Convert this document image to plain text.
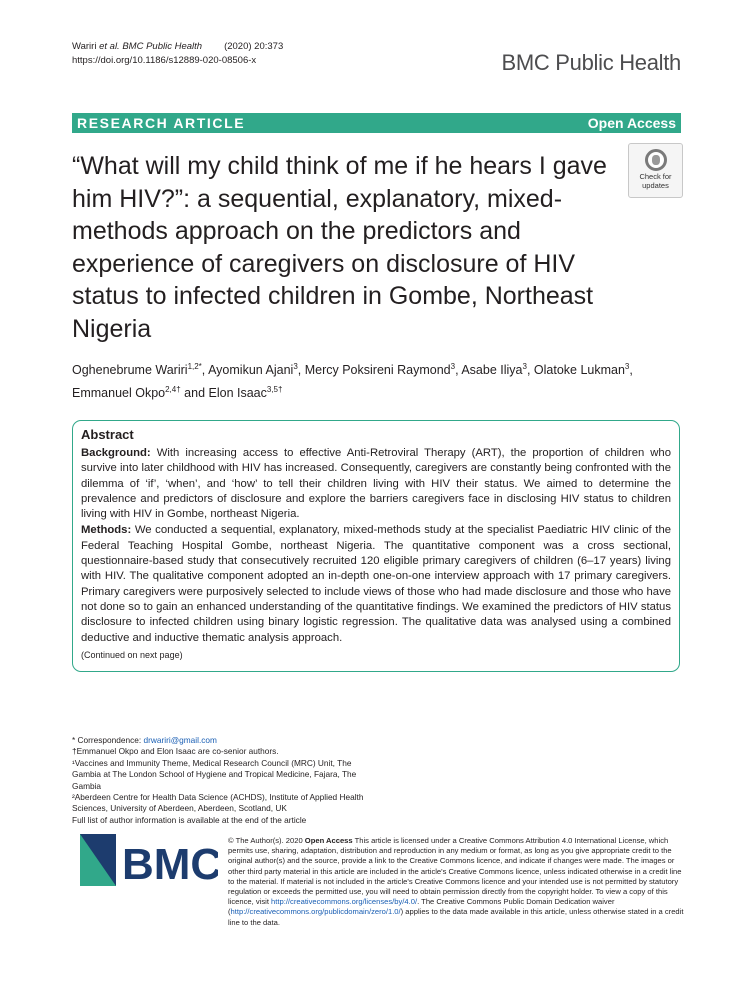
Wariri et al. BMC Public Health (2020) 20:373
https://doi.org/10.1186/s12889-020-08506-x	BMC Public Health
RESEARCH ARTICLE	Open Access
“What will my child think of me if he hears I gave him HIV?”: a sequential, explanatory, mixed-methods approach on the predictors and experience of caregivers on disclosure of HIV status to infected children in Gombe, Northeast Nigeria
Check for
updates
Oghenebrume Wariri$^{1,2*}$, Ayomikun Ajani$^3$, Mercy Poksireni Raymond$^3$, Asabe Iliya$^3$, Olatoke Lukman$^3$,
Emmanuel Okpo$^{2,4\dagger}$ and Elon Isaac$^{3,5\dagger}$
Abstract

Background: With increasing access to effective Anti-Retroviral Therapy (ART), the proportion of children who survive into later childhood with HIV has increased. Consequently, caregivers are constantly being confronted with the dilemma of ‘if’, ‘when’, and ‘how’ to tell their children living with HIV their status. We aimed to determine the prevalence and predictors of disclosure and explore the barriers caregivers face in disclosing HIV status to children living with HIV in Gombe, northeast Nigeria.

Methods: We conducted a sequential, explanatory, mixed-methods study at the specialist Paediatric HIV clinic of the Federal Teaching Hospital Gombe, northeast Nigeria. The quantitative component was a cross sectional, questionnaire-based study that consecutively recruited 120 eligible primary caregivers of children (6–17 years) living with HIV. The qualitative component adopted an in-depth one-on-one interview approach with 17 primary caregivers. Primary caregivers were purposively selected to include views of those who had made disclosure and those who have not done so to gain an enhanced understanding of the quantitative findings. We examined the predictors of HIV status disclosure to infected children using binary logistic regression. The qualitative data was analysed using a combined deductive and inductive thematic analysis approach.

(Continued on next page)
* Correspondence: drwariri@gmail.com
†Emmanuel Okpo and Elon Isaac are co-senior authors.
¹Vaccines and Immunity Theme, Medical Research Council (MRC) Unit, The Gambia at The London School of Hygiene and Tropical Medicine, Fajara, The Gambia
²Aberdeen Centre for Health Data Science (ACHDS), Institute of Applied Health Sciences, University of Aberdeen, Aberdeen, Scotland, UK
Full list of author information is available at the end of the article
BMC © The Author(s). 2020 Open Access This article is licensed under a Creative Commons Attribution 4.0 International License, which permits use, sharing, adaptation, distribution and reproduction in any medium or format, as long as you give appropriate credit to the original author(s) and the source, provide a link to the Creative Commons licence, and indicate if changes were made. The images or other third party material in this article are included in the article's Creative Commons licence, unless indicated otherwise in a credit line to the material. If material is not included in the article's Creative Commons licence and your intended use is not permitted by statutory regulation or exceeds the permitted use, you will need to obtain permission directly from the copyright holder. To view a copy of this licence, visit http://creativecommons.org/licenses/by/4.0/. The Creative Commons Public Domain Dedication waiver (http://creativecommons.org/publicdomain/zero/1.0/) applies to the data made available in this article, unless otherwise stated in a credit line to the data.
